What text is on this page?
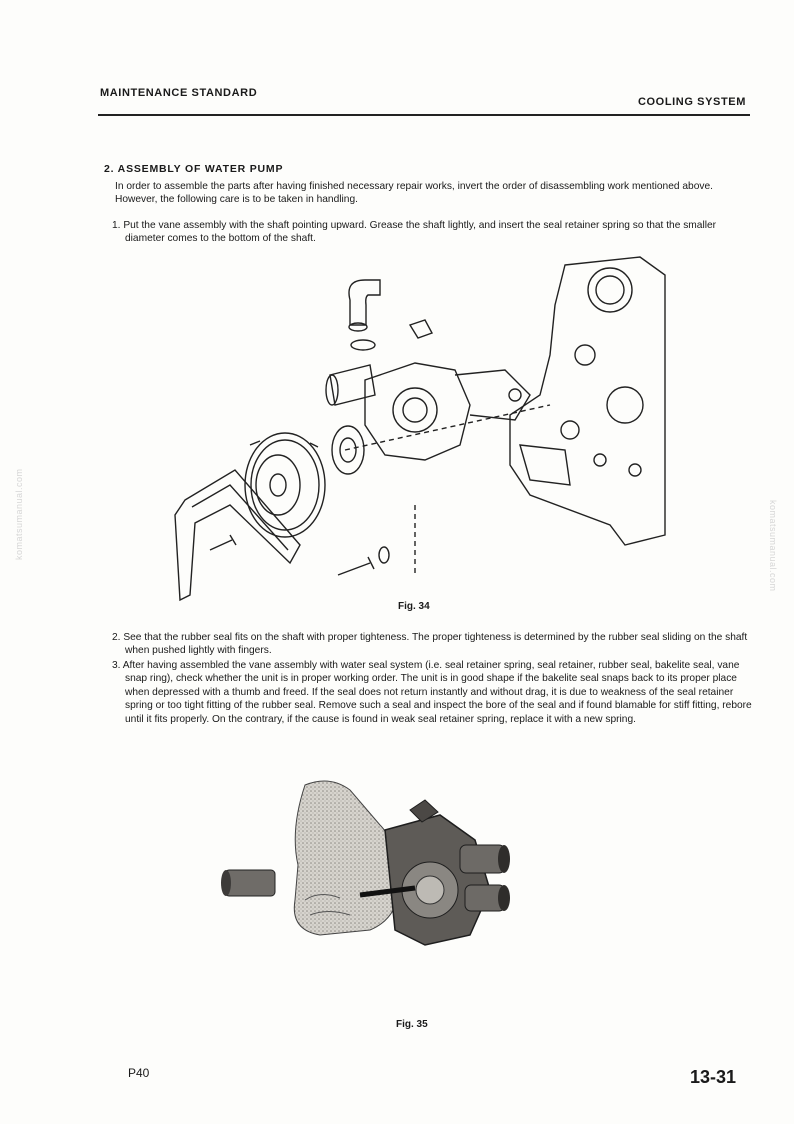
MAINTENANCE STANDARD
COOLING SYSTEM
komatsumanual.com	komatsumanual.com
2. ASSEMBLY OF WATER PUMP
In order to assemble the parts after having finished necessary repair works, invert the order of disassembling work mentioned above. However, the following care is to be taken in handling.
1. Put the vane assembly with the shaft pointing upward. Grease the shaft lightly, and insert the seal retainer spring so that the smaller diameter comes to the bottom of the shaft.
Fig. 34
2. See that the rubber seal fits on the shaft with proper tighteness. The proper tighteness is determined by the rubber seal sliding on the shaft when pushed lightly with fingers.
3. After having assembled the vane assembly with water seal system (i.e. seal retainer spring, seal retainer, rubber seal, bakelite seal, vane snap ring), check whether the unit is in proper working order. The unit is in good shape if the bakelite seal snaps back to its proper place when depressed with a thumb and freed. If the seal does not return instantly and without drag, it is due to weakness of the seal retainer spring or too tight fitting of the rubber seal. Remove such a seal and inspect the bore of the seal and if found blamable for stiff fitting, rebore until it fits properly. On the contrary, if the cause is found in weak seal retainer spring, replace it with a new spring.
Fig. 35
P40	13-31
